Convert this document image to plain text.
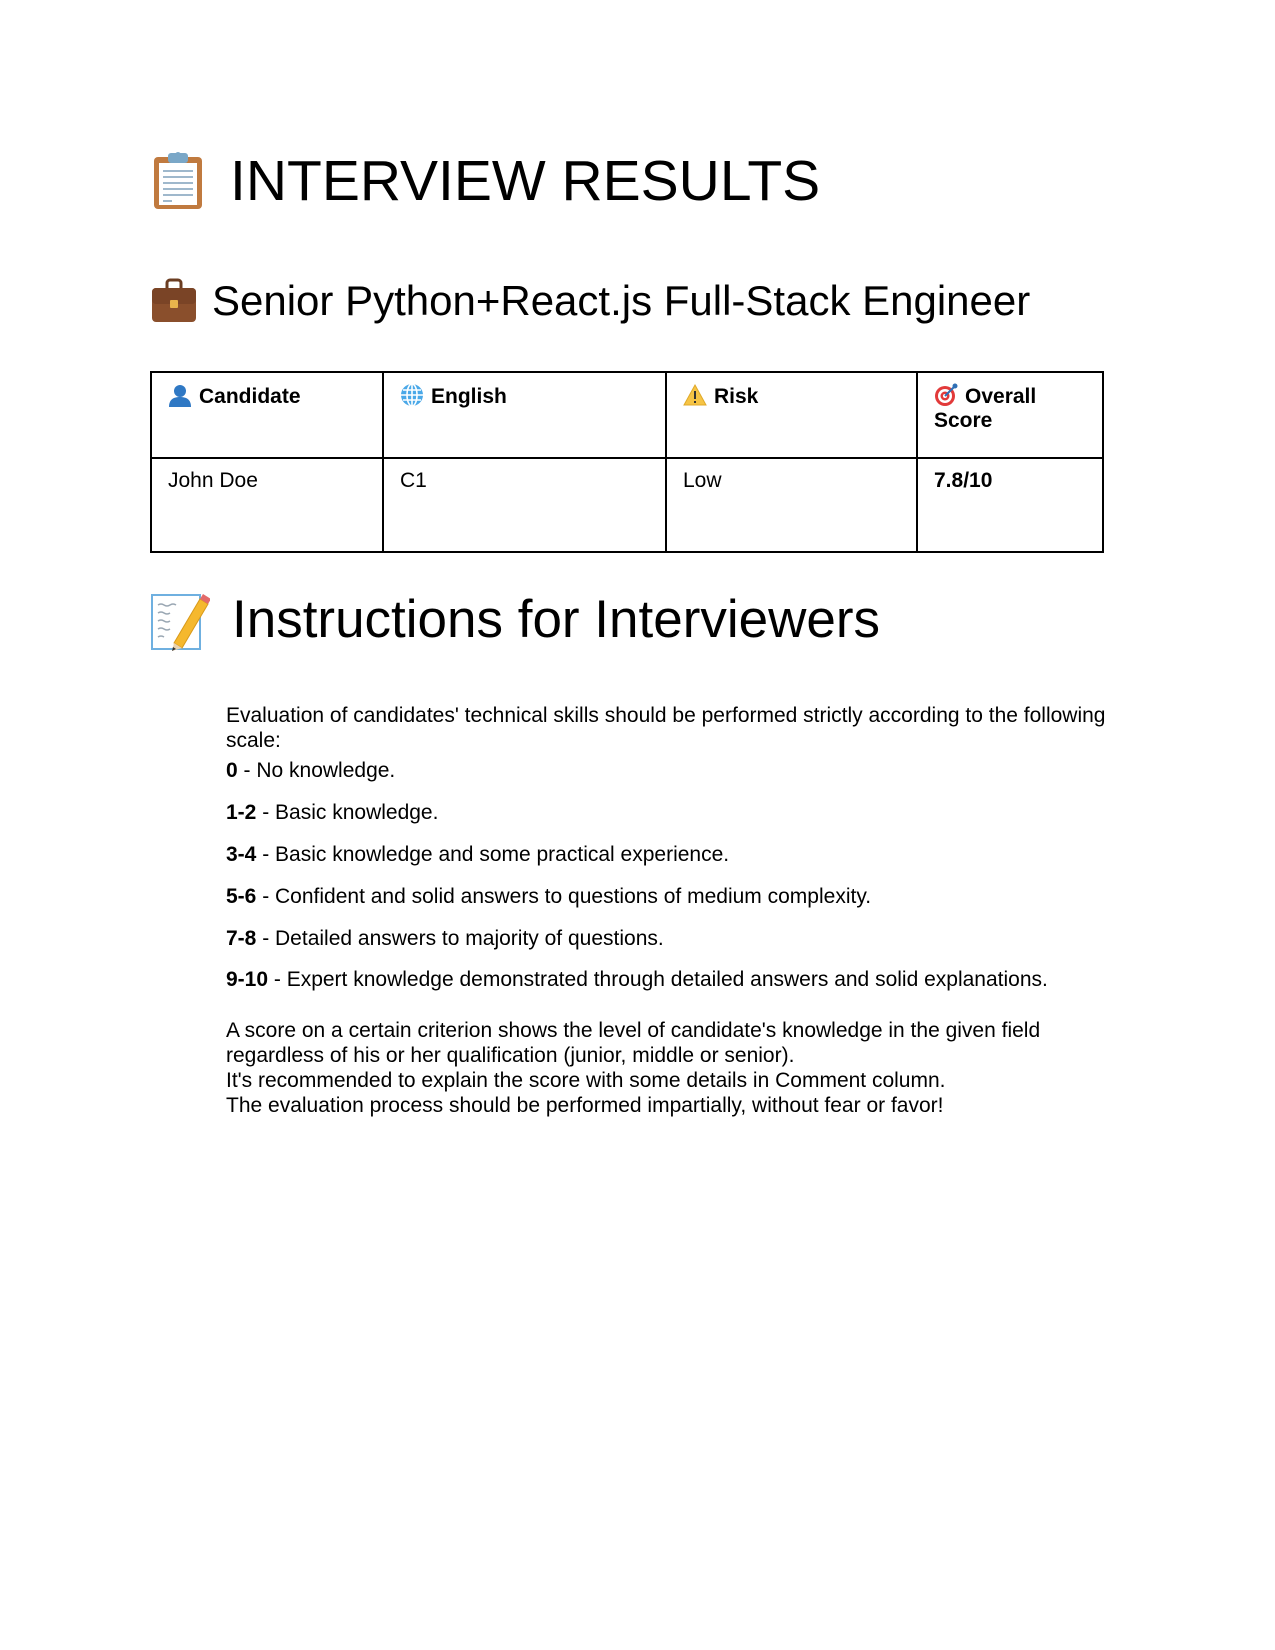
INTERVIEW RESULTS
Senior Python+React.js Full-Stack Engineer
Candidate	English	Risk	Overall Score
John Doe	C1	Low	7.8/10
Instructions for Interviewers
Evaluation of candidates' technical skills should be performed strictly according to the following scale:
0 - No knowledge.
1-2 - Basic knowledge.
3-4 - Basic knowledge and some practical experience.
5-6 - Confident and solid answers to questions of medium complexity.
7-8 - Detailed answers to majority of questions.
9-10 - Expert knowledge demonstrated through detailed answers and solid explanations.
A score on a certain criterion shows the level of candidate's knowledge in the given field
regardless of his or her qualification (junior, middle or senior).
It's recommended to explain the score with some details in Comment column.
The evaluation process should be performed impartially, without fear or favor!
